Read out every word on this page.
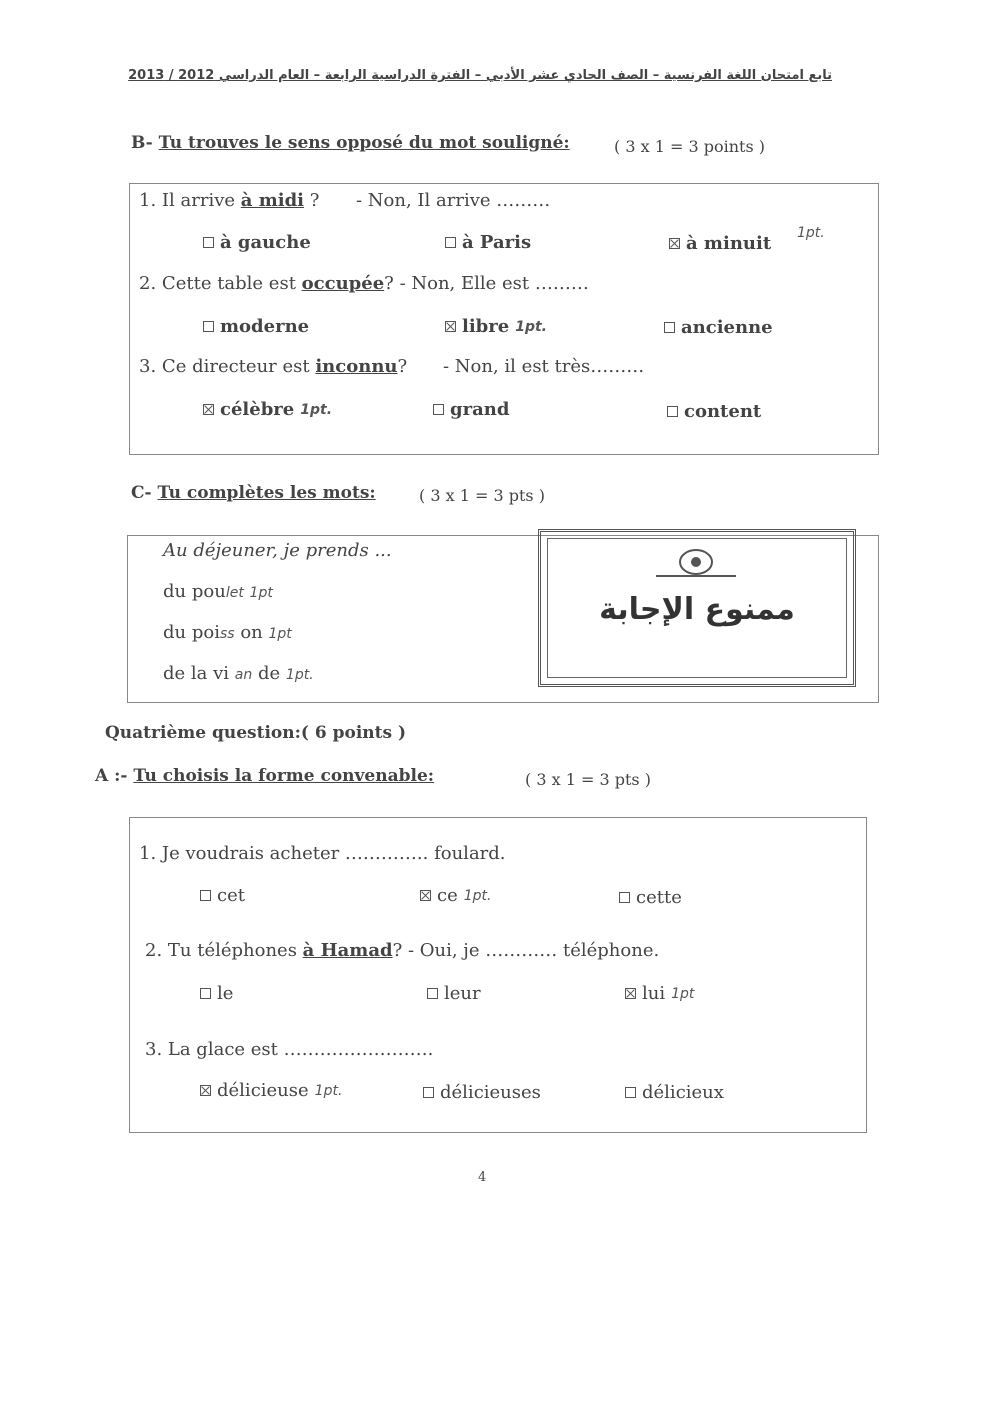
تابع امتحان اللغة الفرنسية – الصف الحادي عشر الأدبي – الفترة الدراسية الرابعة – العام الدراسي 2012 / 2013
B- Tu trouves le sens opposé du mot souligné:	( 3 x 1 = 3 points )
1. Il arrive à midi ? - Non, Il arrive ………
à gauche	à Paris	à minuit 1pt.
2. Cette table est occupée? - Non, Elle est ………
moderne	libre 1pt.	ancienne
3. Ce directeur est inconnu? - Non, il est très………
célèbre 1pt.	grand	content
C- Tu complètes les mots:	( 3 x 1 = 3 pts )
Au déjeuner, je prends ...
du poulet 1pt
du poiss on 1pt
de la vi an de 1pt.
ممنوع الإجابة
Quatrième question:( 6 points )
A :- Tu choisis la forme convenable:	( 3 x 1 = 3 pts )
1. Je voudrais acheter ………….. foulard.
cet	ce 1pt.	cette
2. Tu téléphones à Hamad? - Oui, je ………… téléphone.
le	leur	lui 1pt
3. La glace est …………………….
délicieuse 1pt.	délicieuses	délicieux
4
